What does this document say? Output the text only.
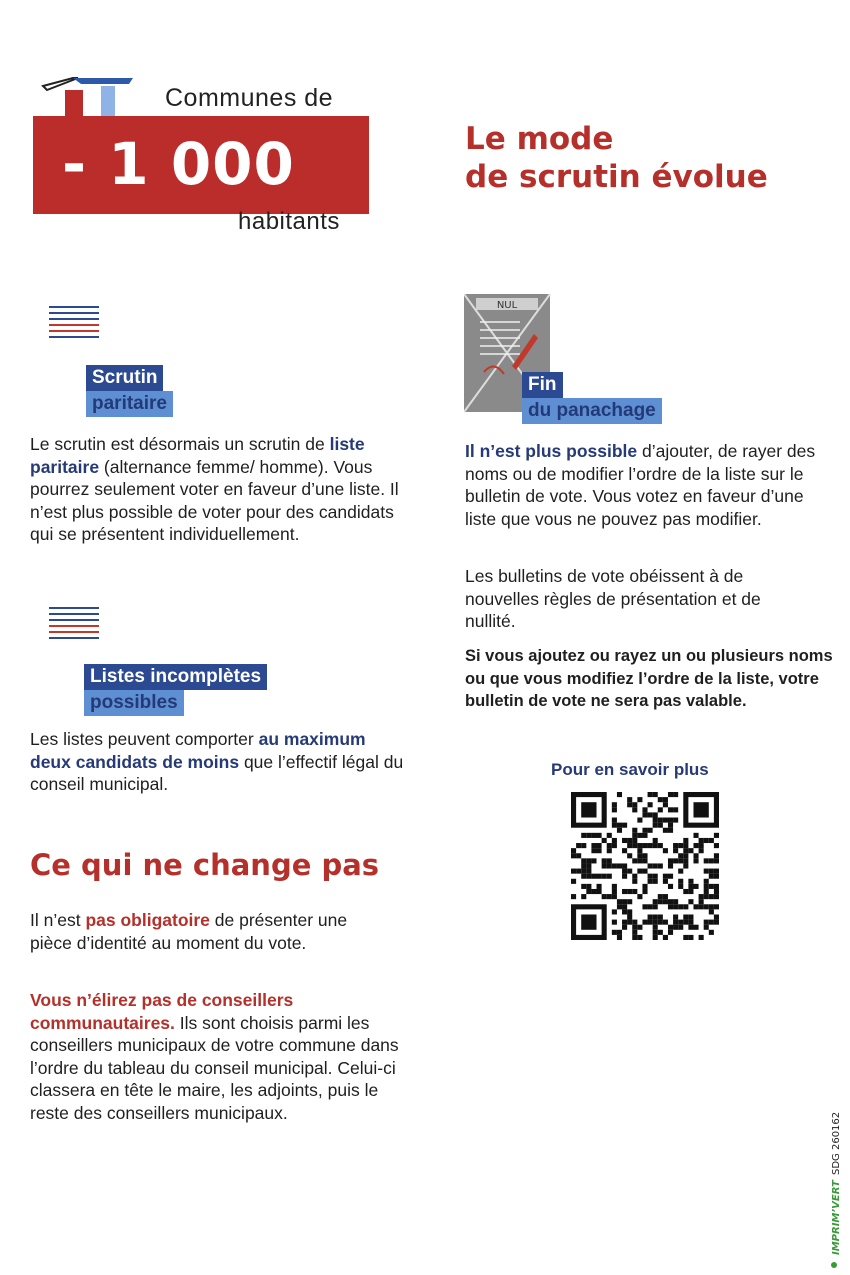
Communes de
- 1 000
habitants
Le mode
de scrutin évolue
Scrutin
paritaire
Le scrutin est désormais un scrutin de liste paritaire (alternance femme/ homme). Vous pourrez seulement voter en faveur d’une liste. Il n’est plus possible de voter pour des candidats qui se présentent individuellement.
Listes incomplètes
possibles
Les listes peuvent comporter au maximum deux candidats de moins que l’effectif légal du conseil municipal.
Ce qui ne change pas
Il n’est pas obligatoire de présenter une pièce d’identité au moment du vote.
Vous n’élirez pas de conseillers communautaires. Ils sont choisis parmi les conseillers municipaux de votre commune dans l’ordre du tableau du conseil municipal. Celui-ci classera en tête le maire, les adjoints, puis le reste des conseillers municipaux.
NUL
Fin
du panachage
Il n’est plus possible d’ajouter, de rayer des noms ou de modifier l’ordre de la liste sur le bulletin de vote. Vous votez en faveur d’une liste que vous ne pouvez pas modifier.
Les bulletins de vote obéissent à de nouvelles règles de présentation et de nullité.
Si vous ajoutez ou rayez un ou plusieurs noms ou que vous modifiez l’ordre de la liste, votre bulletin de vote ne sera pas valable.
Pour en savoir plus
IMPRIM’VERT
SDG 260162
